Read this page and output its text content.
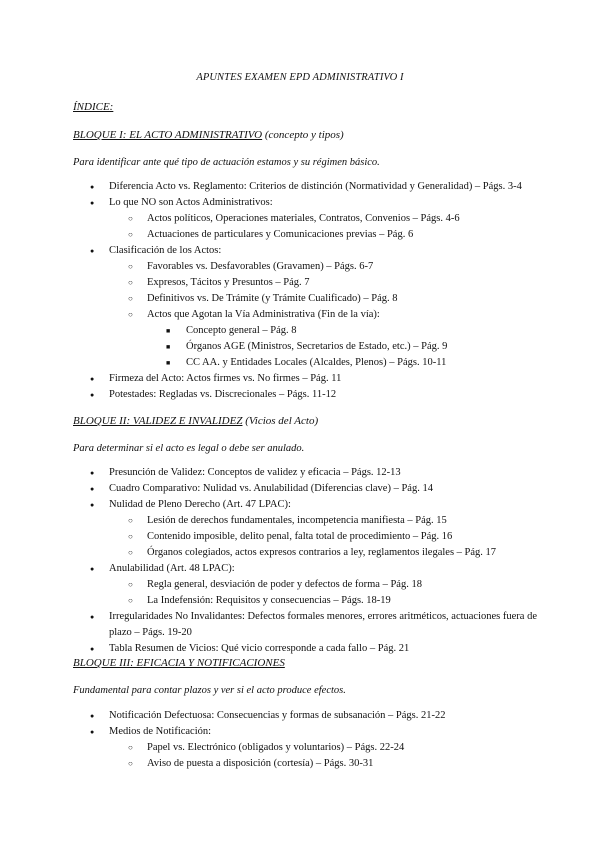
APUNTES EXAMEN EPD ADMINISTRATIVO I
ÍNDICE:
BLOQUE I: EL ACTO ADMINISTRATIVO (concepto y tipos)
Para identificar ante qué tipo de actuación estamos y su régimen básico.
● Diferencia Acto vs. Reglamento: Criterios de distinción (Normatividad y Generalidad) – Págs. 3-4
● Lo que NO son Actos Administrativos:
○ Actos políticos, Operaciones materiales, Contratos, Convenios – Págs. 4-6
○ Actuaciones de particulares y Comunicaciones previas – Pág. 6
● Clasificación de los Actos:
○ Favorables vs. Desfavorables (Gravamen) – Págs. 6-7
○ Expresos, Tácitos y Presuntos – Pág. 7
○ Definitivos vs. De Trámite (y Trámite Cualificado) – Pág. 8
○ Actos que Agotan la Vía Administrativa (Fin de la vía):
■ Concepto general – Pág. 8
■ Órganos AGE (Ministros, Secretarios de Estado, etc.) – Pág. 9
■ CC AA. y Entidades Locales (Alcaldes, Plenos) – Págs. 10-11
● Firmeza del Acto: Actos firmes vs. No firmes – Pág. 11
● Potestades: Regladas vs. Discrecionales – Págs. 11-12
BLOQUE II: VALIDEZ E INVALIDEZ (Vicios del Acto)
Para determinar si el acto es legal o debe ser anulado.
● Presunción de Validez: Conceptos de validez y eficacia – Págs. 12-13
● Cuadro Comparativo: Nulidad vs. Anulabilidad (Diferencias clave) – Pág. 14
● Nulidad de Pleno Derecho (Art. 47 LPAC):
○ Lesión de derechos fundamentales, incompetencia manifiesta – Pág. 15
○ Contenido imposible, delito penal, falta total de procedimiento – Pág. 16
○ Órganos colegiados, actos expresos contrarios a ley, reglamentos ilegales – Pág. 17
● Anulabilidad (Art. 48 LPAC):
○ Regla general, desviación de poder y defectos de forma – Pág. 18
○ La Indefensión: Requisitos y consecuencias – Págs. 18-19
● Irregularidades No Invalidantes: Defectos formales menores, errores aritméticos, actuaciones fuera de plazo – Págs. 19-20
● Tabla Resumen de Vicios: Qué vicio corresponde a cada fallo – Pág. 21
BLOQUE III: EFICACIA Y NOTIFICACIONES
Fundamental para contar plazos y ver si el acto produce efectos.
● Notificación Defectuosa: Consecuencias y formas de subsanación – Págs. 21-22
● Medios de Notificación:
○ Papel vs. Electrónico (obligados y voluntarios) – Págs. 22-24
○ Aviso de puesta a disposición (cortesía) – Págs. 30-31
